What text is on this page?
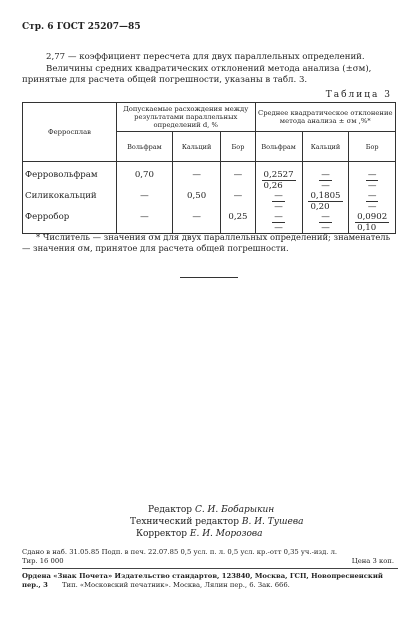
Стр. 6 ГОСТ 25207—85

2,77 — коэффициент пересчета для двух параллельных определений.

Величины средних квадратических отклонений метода анализа (±σм), принятые для расчета общей погрешности, указаны в табл. 3.

Таблица 3
Ферросплав	Допускаемые расхождения между результатами параллельных определений d, %			Среднее квадратическое отклонение метода анализа ± σм ,%*		
	Вольфрам	Кальций	Бор	Вольфрам	Кальций	Бор
Ферровольфрам	0,70	—	—	$\frac{0,2527}{0,26}$	$\frac{—}{—}$	$\frac{—}{—}$

Силикокальций	—	0,50	—	$\frac{—}{—}$	$\frac{0,1805}{0,20}$	$\frac{—}{—}$

Ферробор	—	—	0,25	$\frac{—}{—}$	$\frac{—}{—}$	$\frac{0,0902}{0,10}$

* Числитель — значения σм для двух параллельных определений; знаменатель — значения σм, принятое для расчета общей погрешности.

Редактор С. И. Бобарыкин
Технический редактор В. И. Тушева
Корректор Е. И. Морозова
Сдано в наб. 31.05.85 Подп. в печ. 22.07.85 0,5 усл. п. л. 0,5 усл. кр.-отт 0,35 уч.-изд. л.
Тир. 16 000	Цена 3 коп.
Ордена «Знак Почета» Издательство стандартов, 123840, Москва, ГСП, Новопресненский пер., 3	Тип. «Московский печатник». Москва, Лялин пер., 6. Зак. 666.
